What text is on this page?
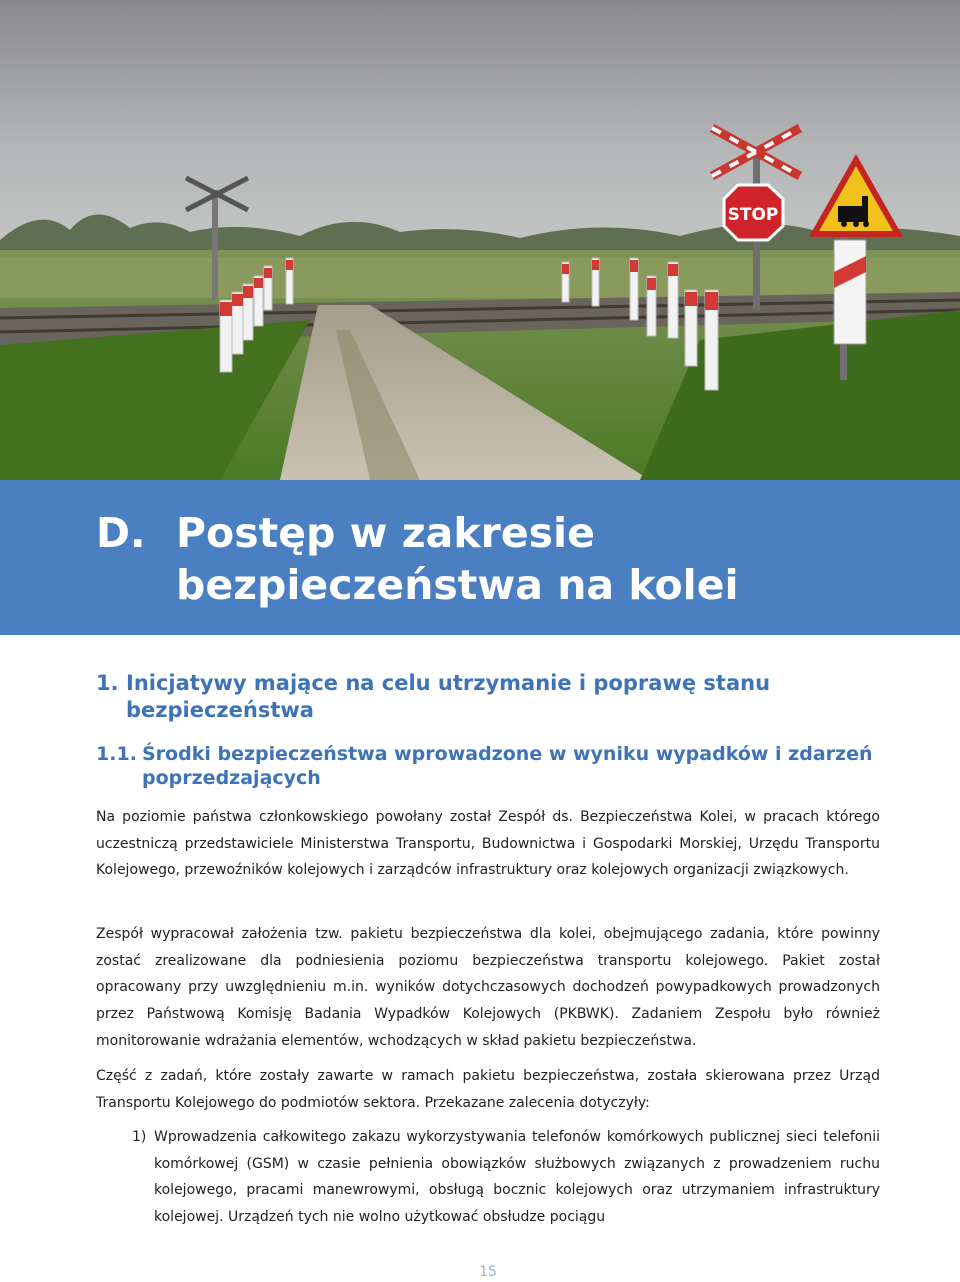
STOP
D. Postęp w zakresie bezpieczeństwa na kolei
1. Inicjatywy mające na celu utrzymanie i poprawę stanu bezpieczeństwa
1.1. Środki bezpieczeństwa wprowadzone w wyniku wypadków i zdarzeń poprzedzających
Na poziomie państwa członkowskiego powołany został Zespół ds. Bezpieczeństwa Kolei, w pracach którego uczestniczą przedstawiciele Ministerstwa Transportu, Budownictwa i Gospodarki Morskiej, Urzędu Transportu Kolejowego, przewoźników kolejowych i zarządców infrastruktury oraz kolejowych organizacji związkowych.
Zespół wypracował założenia tzw. pakietu bezpieczeństwa dla kolei, obejmującego zadania, które powinny zostać zrealizowane dla podniesienia poziomu bezpieczeństwa transportu kolejowego. Pakiet został opracowany przy uwzględnieniu m.in. wyników dotychczasowych dochodzeń powypadkowych prowadzonych przez Państwową Komisję Badania Wypadków Kolejowych (PKBWK). Zadaniem Zespołu było również monitorowanie wdrażania elementów, wchodzących w skład pakietu bezpieczeństwa.
Część z zadań, które zostały zawarte w ramach pakietu bezpieczeństwa, została skierowana przez Urząd Transportu Kolejowego do podmiotów sektora. Przekazane zalecenia dotyczyły:
1) Wprowadzenia całkowitego zakazu wykorzystywania telefonów komórkowych publicznej sieci telefonii komórkowej (GSM) w czasie pełnienia obowiązków służbowych związanych z prowadzeniem ruchu kolejowego, pracami manewrowymi, obsługą bocznic kolejowych oraz utrzymaniem infrastruktury kolejowej. Urządzeń tych nie wolno użytkować obsłudze pociągu
15
